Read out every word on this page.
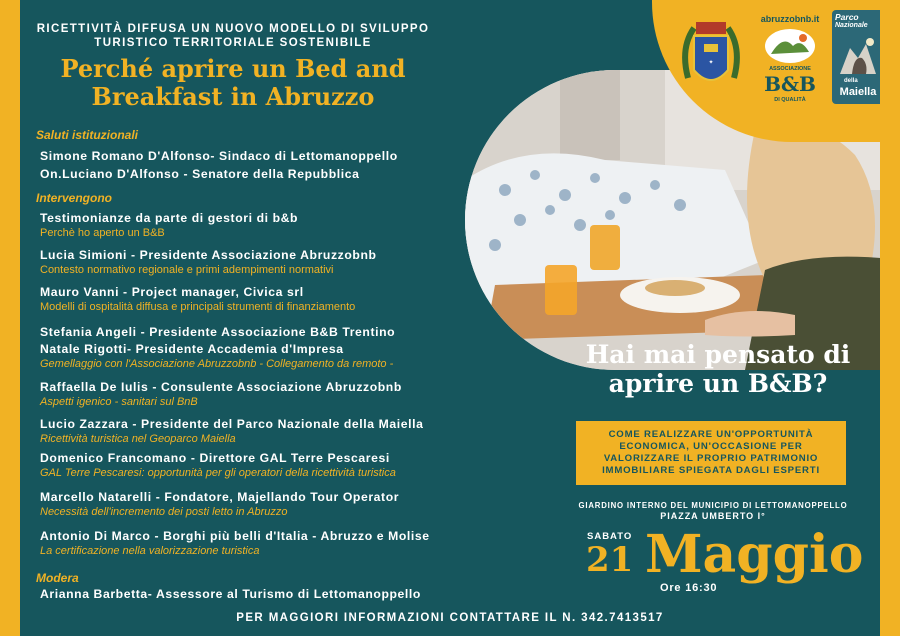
✦
abruzzobnb.it
ASSOCIAZIONE
B&B
DI QUALITÀ
Parco
Nazionale
della
Maiella
RICETTIVITÀ DIFFUSA UN NUOVO MODELLO DI SVILUPPO
TURISTICO TERRITORIALE SOSTENIBILE
Perché aprire un Bed and
Breakfast in Abruzzo
Saluti istituzionali
Simone Romano D'Alfonso- Sindaco di Lettomanoppello
On.Luciano D'Alfonso - Senatore della Repubblica
Intervengono
Testimonianze da parte di gestori di b&b
Perchè ho aperto un B&B
Lucia Simioni - Presidente Associazione Abruzzobnb
Contesto normativo regionale e primi adempimenti normativi
Mauro Vanni - Project manager, Civica srl
Modelli di ospitalità diffusa e principali strumenti di finanziamento
Stefania Angeli - Presidente Associazione B&B Trentino
Natale Rigotti- Presidente Accademia d'Impresa
Gemellaggio con l'Associazione Abruzzobnb - Collegamento da remoto -
Raffaella De Iulis - Consulente Associazione Abruzzobnb
Aspetti igenico - sanitari sul BnB
Lucio Zazzara - Presidente del Parco Nazionale della Maiella
Ricettività turistica nel Geoparco Maiella
Domenico Francomano - Direttore GAL Terre Pescaresi
GAL Terre Pescaresi: opportunità per gli operatori della ricettività turistica
Marcello Natarelli - Fondatore, Majellando Tour Operator
Necessità dell'incremento dei posti letto in Abruzzo
Antonio Di Marco - Borghi più belli d'Italia - Abruzzo e Molise
La certificazione nella valorizzazione turistica
Modera
Arianna Barbetta- Assessore al Turismo di Lettomanoppello
Hai mai pensato di
aprire un B&B?
COME REALIZZARE UN'OPPORTUNITÀ
ECONOMICA, UN'OCCASIONE PER
VALORIZZARE IL PROPRIO PATRIMONIO
IMMOBILIARE SPIEGATA DAGLI ESPERTI
GIARDINO INTERNO DEL MUNICIPIO DI LETTOMANOPPELLO
PIAZZA UMBERTO I°
SABATO
21 Maggio
Ore 16:30
PER MAGGIORI INFORMAZIONI CONTATTARE IL N. 342.7413517
